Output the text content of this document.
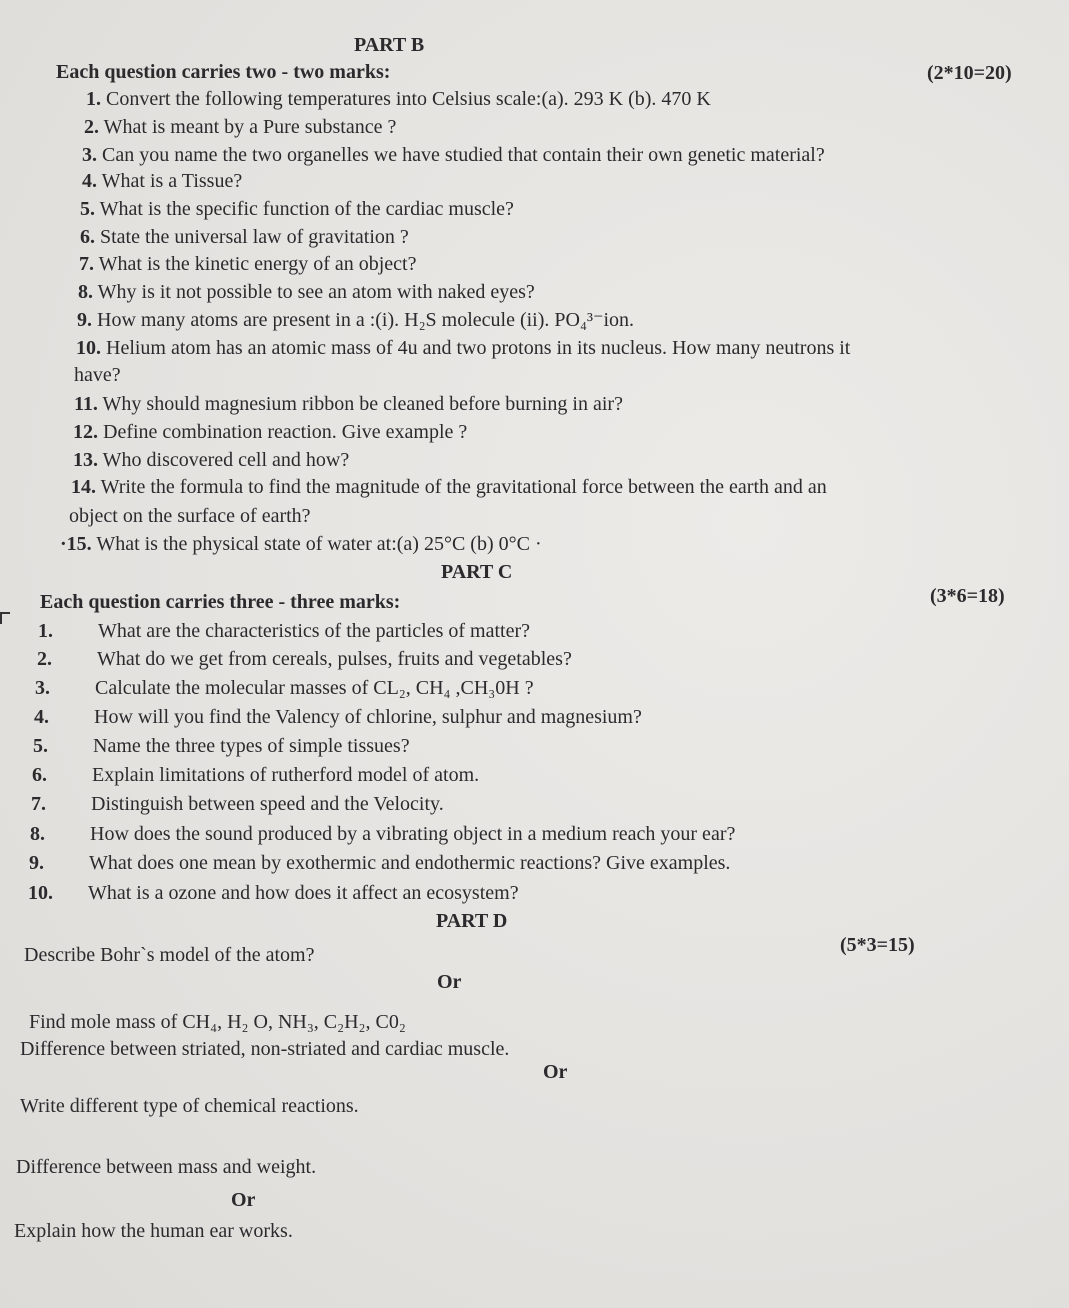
PART B
Each question carries two - two marks:	(2*10=20)
1. Convert the following temperatures into Celsius scale:(a). 293 K (b). 470 K
2. What is meant by a Pure substance ?
3. Can you name the two organelles we have studied that contain their own genetic material?
4. What is a Tissue?
5. What is the specific function of the cardiac muscle?
6. State the universal law of gravitation ?
7. What is the kinetic energy of an object?
8. Why is it not possible to see an atom with naked eyes?
9. How many atoms are present in a :(i). H₂S molecule (ii). PO₄³⁻ion.
10. Helium atom has an atomic mass of 4u and two protons in its nucleus. How many neutrons it
have?
11. Why should magnesium ribbon be cleaned before burning in air?
12. Define combination reaction. Give example ?
13. Who discovered cell and how?
14. Write the formula to find the magnitude of the gravitational force between the earth and an
object on the surface of earth?
·15. What is the physical state of water at:(a) 25°C (b) 0°C ·
PART C
Each question carries three - three marks:	(3*6=18)
1. What are the characteristics of the particles of matter?
2. What do we get from cereals, pulses, fruits and vegetables?
3. Calculate the molecular masses of CL₂, CH₄ ,CH₃0H ?
4. How will you find the Valency of chlorine, sulphur and magnesium?
5. Name the three types of simple tissues?
6. Explain limitations of rutherford model of atom.
7. Distinguish between speed and the Velocity.
8. How does the sound produced by a vibrating object in a medium reach your ear?
9. What does one mean by exothermic and endothermic reactions? Give examples.
10. What is a ozone and how does it affect an ecosystem?
PART D
Describe Bohr`s model of the atom?	(5*3=15)
Or
Find mole mass of CH₄, H₂ O, NH₃, C₂H₂, C0₂
Difference between striated, non-striated and cardiac muscle.
Or
Write different type of chemical reactions.
Difference between mass and weight.
Or
Explain how the human ear works.
